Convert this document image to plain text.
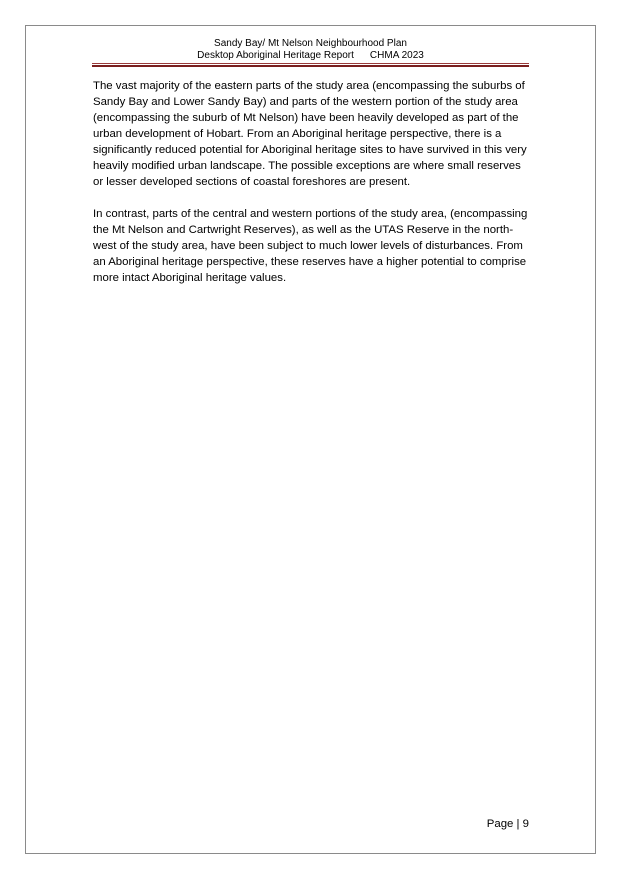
Sandy Bay/ Mt Nelson Neighbourhood Plan
Desktop Aboriginal Heritage Report CHMA 2023

The vast majority of the eastern parts of the study area (encompassing the suburbs of Sandy Bay and Lower Sandy Bay) and parts of the western portion of the study area (encompassing the suburb of Mt Nelson) have been heavily developed as part of the urban development of Hobart. From an Aboriginal heritage perspective, there is a significantly reduced potential for Aboriginal heritage sites to have survived in this very heavily modified urban landscape. The possible exceptions are where small reserves or lesser developed sections of coastal foreshores are present.

In contrast, parts of the central and western portions of the study area, (encompassing the Mt Nelson and Cartwright Reserves), as well as the UTAS Reserve in the north-west of the study area, have been subject to much lower levels of disturbances. From an Aboriginal heritage perspective, these reserves have a higher potential to comprise more intact Aboriginal heritage values.

Page | 9
